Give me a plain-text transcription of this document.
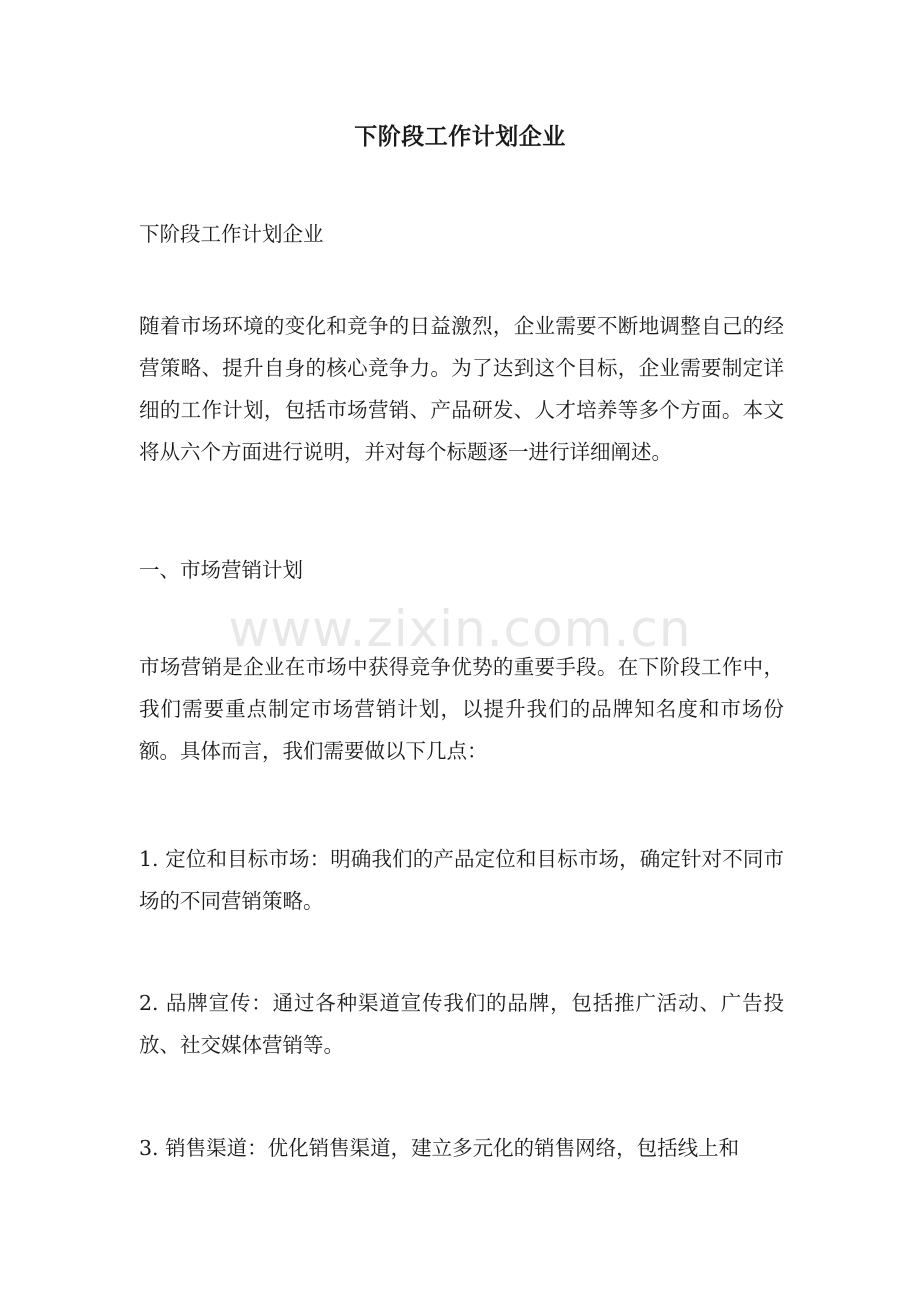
下阶段工作计划企业

下阶段工作计划企业

随着市场环境的变化和竞争的日益激烈，企业需要不断地调整自己的经营策略、提升自身的核心竞争力。为了达到这个目标，企业需要制定详细的工作计划，包括市场营销、产品研发、人才培养等多个方面。本文将从六个方面进行说明，并对每个标题逐一进行详细阐述。

一、市场营销计划

市场营销是企业在市场中获得竞争优势的重要手段。在下阶段工作中，我们需要重点制定市场营销计划，以提升我们的品牌知名度和市场份额。具体而言，我们需要做以下几点：

1. 定位和目标市场：明确我们的产品定位和目标市场，确定针对不同市场的不同营销策略。

2. 品牌宣传：通过各种渠道宣传我们的品牌，包括推广活动、广告投放、社交媒体营销等。

3. 销售渠道：优化销售渠道，建立多元化的销售网络，包括线上和

www.zixin.com.cn
